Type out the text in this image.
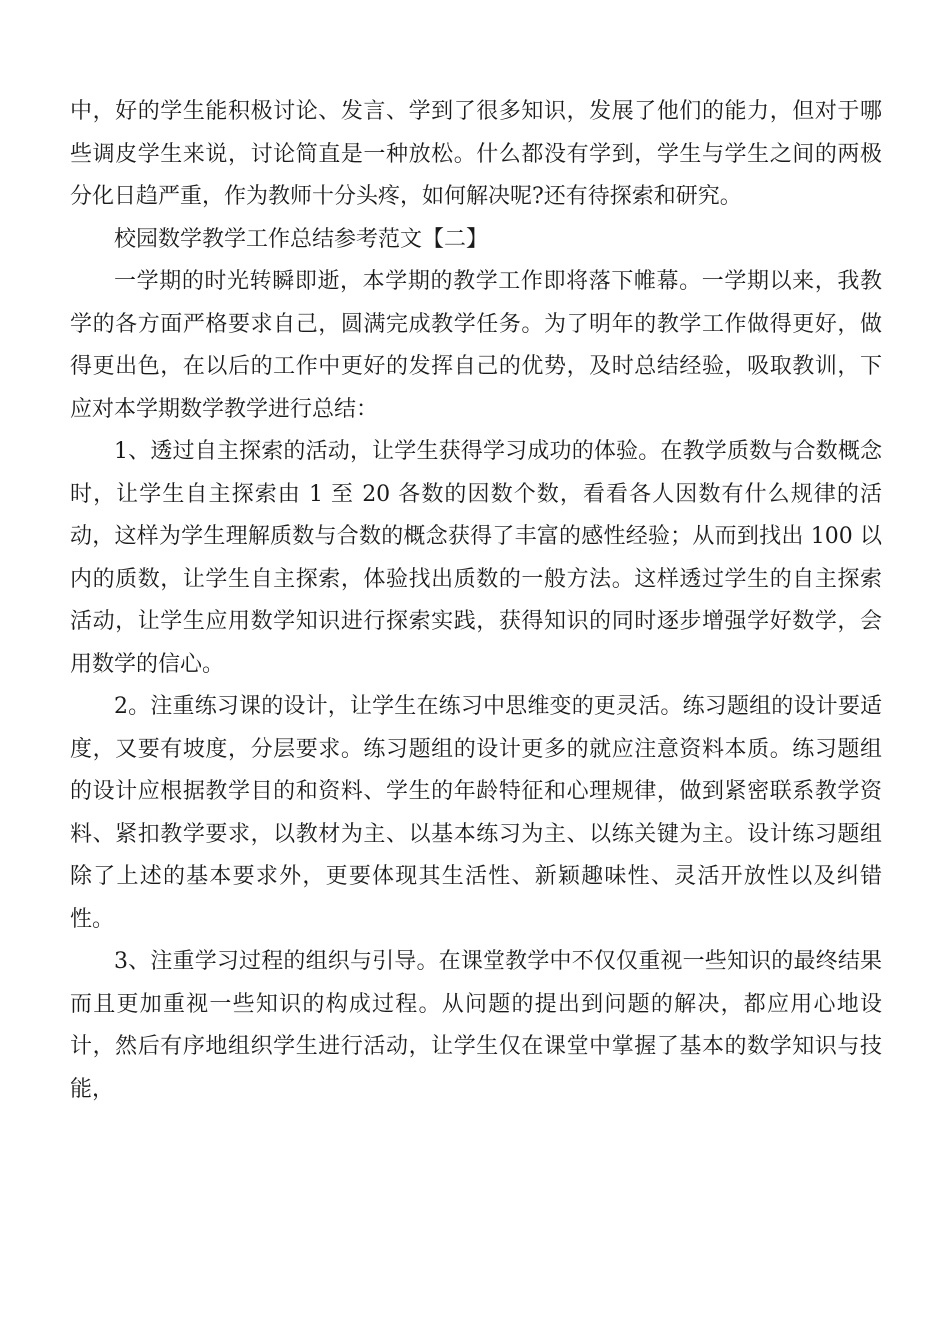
中，好的学生能积极讨论、发言、学到了很多知识，发展了他们的能力，但对于哪些调皮学生来说，讨论简直是一种放松。什么都没有学到，学生与学生之间的两极分化日趋严重，作为教师十分头疼，如何解决呢?还有待探索和研究。

校园数学教学工作总结参考范文【二】

一学期的时光转瞬即逝，本学期的教学工作即将落下帷幕。一学期以来，我教学的各方面严格要求自己，圆满完成教学任务。为了明年的教学工作做得更好，做得更出色，在以后的工作中更好的发挥自己的优势，及时总结经验，吸取教训，下应对本学期数学教学进行总结：

1、透过自主探索的活动，让学生获得学习成功的体验。在教学质数与合数概念时，让学生自主探索由 1 至 20 各数的因数个数，看看各人因数有什么规律的活动，这样为学生理解质数与合数的概念获得了丰富的感性经验；从而到找出 100 以内的质数，让学生自主探索，体验找出质数的一般方法。这样透过学生的自主探索活动，让学生应用数学知识进行探索实践，获得知识的同时逐步增强学好数学，会用数学的信心。

2。注重练习课的设计，让学生在练习中思维变的更灵活。练习题组的设计要适度，又要有坡度，分层要求。练习题组的设计更多的就应注意资料本质。练习题组的设计应根据教学目的和资料、学生的年龄特征和心理规律，做到紧密联系教学资料、紧扣教学要求，以教材为主、以基本练习为主、以练关键为主。设计练习题组除了上述的基本要求外，更要体现其生活性、新颖趣味性、灵活开放性以及纠错性。

3、注重学习过程的组织与引导。在课堂教学中不仅仅重视一些知识的最终结果而且更加重视一些知识的构成过程。从问题的提出到问题的解决，都应用心地设计，然后有序地组织学生进行活动，让学生仅在课堂中掌握了基本的数学知识与技能，
